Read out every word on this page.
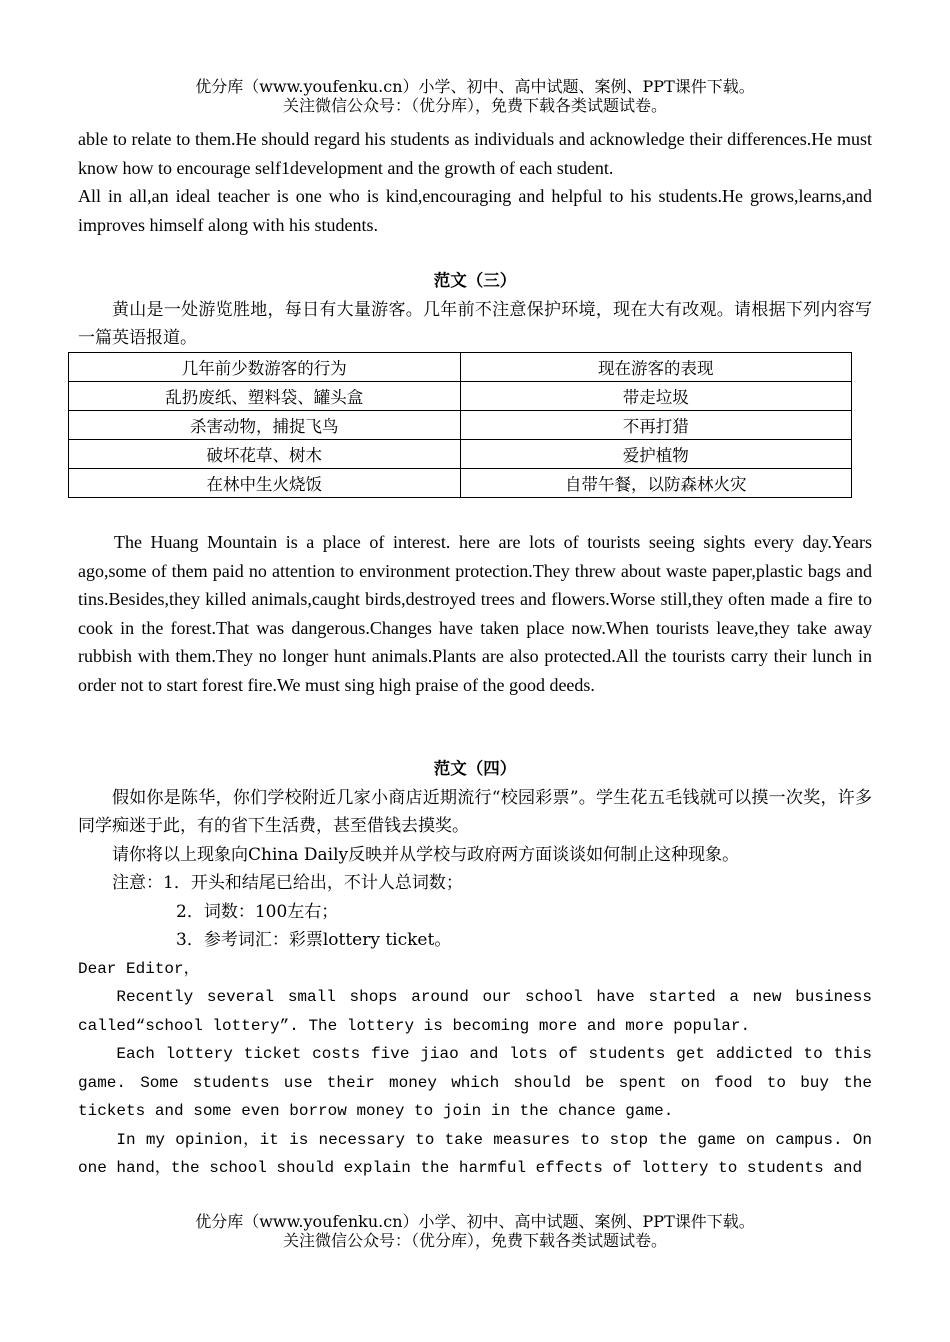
优分库（www.youfenku.cn）小学、初中、高中试题、案例、PPT课件下载。
关注微信公众号：（优分库），免费下载各类试题试卷。

able to relate to them.He should regard his students as individuals and acknowledge their differences.He must know how to encourage self1development and the growth of each student.

All in all,an ideal teacher is one who is kind,encouraging and helpful to his students.He grows,learns,and improves himself along with his students.

范文（三）

黄山是一处游览胜地，每日有大量游客。几年前不注意保护环境，现在大有改观。请根据下列内容写一篇英语报道。

几年前少数游客的行为	现在游客的表现
乱扔废纸、塑料袋、罐头盒	带走垃圾
杀害动物，捕捉飞鸟	不再打猎
破坏花草、树木	爱护植物
在林中生火烧饭	自带午餐，以防森林火灾

The Huang Mountain is a place of interest. here are lots of tourists seeing sights every day.Years ago,some of them paid no attention to environment protection.They threw about waste paper,plastic bags and tins.Besides,they killed animals,caught birds,destroyed trees and flowers.Worse still,they often made a fire to cook in the forest.That was dangerous.Changes have taken place now.When tourists leave,they take away rubbish with them.They no longer hunt animals.Plants are also protected.All the tourists carry their lunch in order not to start forest fire.We must sing high praise of the good deeds.

范文（四）

假如你是陈华，你们学校附近几家小商店近期流行“校园彩票”。学生花五毛钱就可以摸一次奖，许多同学痴迷于此，有的省下生活费，甚至借钱去摸奖。

请你将以上现象向China Daily反映并从学校与政府两方面谈谈如何制止这种现象。

注意：1．开头和结尾已给出，不计人总词数；

2．词数：100左右；

3．参考词汇：彩票lottery ticket。

Dear Editor，

Recently several small shops around our school have started a new business called“school lottery”. The lottery is becoming more and more popular.

Each lottery ticket costs five jiao and lots of students get addicted to this game. Some students use their money which should be spent on food to buy the tickets and some even borrow money to join in the chance game.

In my opinion，it is necessary to take measures to stop the game on campus. On one hand，the school should explain the harmful effects of lottery to students and

优分库（www.youfenku.cn）小学、初中、高中试题、案例、PPT课件下载。
关注微信公众号：（优分库），免费下载各类试题试卷。
